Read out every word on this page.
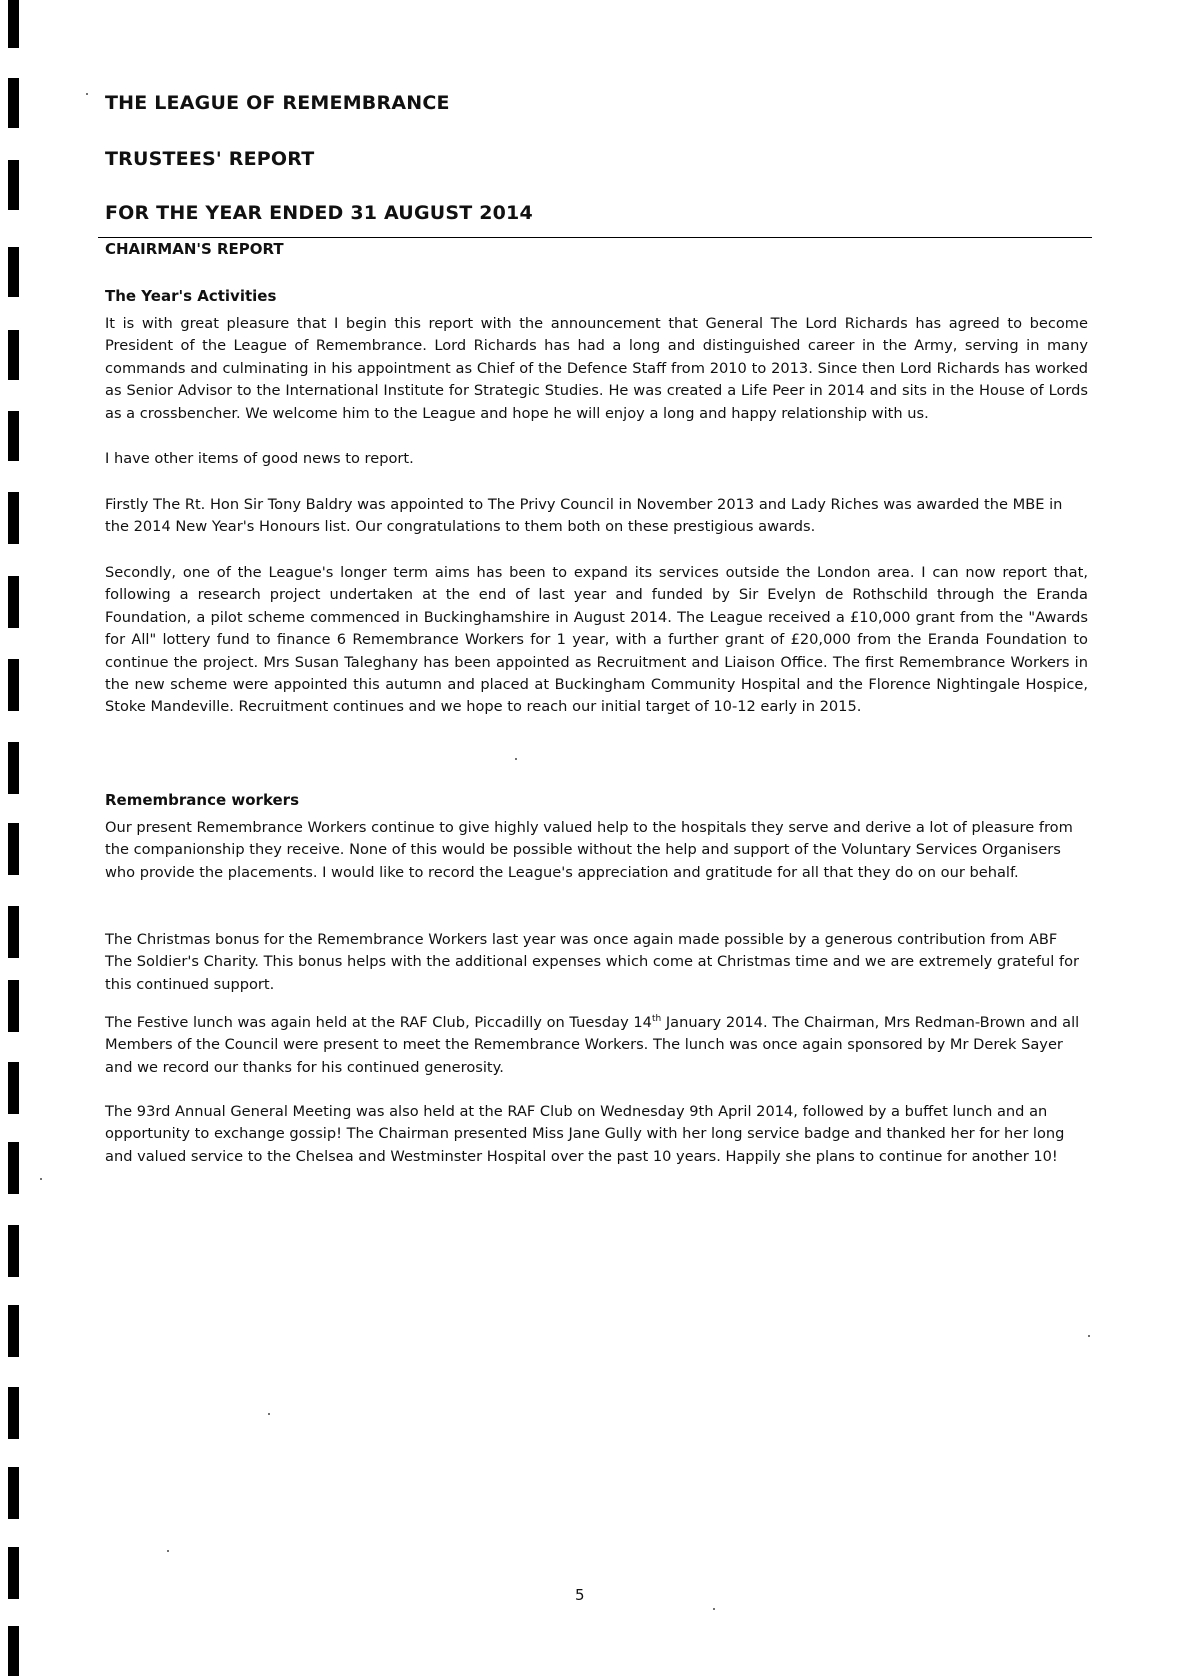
THE LEAGUE OF REMEMBRANCE
TRUSTEES' REPORT
FOR THE YEAR ENDED 31 AUGUST 2014
CHAIRMAN'S REPORT
The Year's Activities

It is with great pleasure that I begin this report with the announcement that General The Lord Richards has agreed to become President of the League of Remembrance. Lord Richards has had a long and distinguished career in the Army, serving in many commands and culminating in his appointment as Chief of the Defence Staff from 2010 to 2013. Since then Lord Richards has worked as Senior Advisor to the International Institute for Strategic Studies. He was created a Life Peer in 2014 and sits in the House of Lords as a crossbencher. We welcome him to the League and hope he will enjoy a long and happy relationship with us.

I have other items of good news to report.

Firstly The Rt. Hon Sir Tony Baldry was appointed to The Privy Council in November 2013 and Lady Riches was awarded the MBE in the 2014 New Year's Honours list. Our congratulations to them both on these prestigious awards.

Secondly, one of the League's longer term aims has been to expand its services outside the London area. I can now report that, following a research project undertaken at the end of last year and funded by Sir Evelyn de Rothschild through the Eranda Foundation, a pilot scheme commenced in Buckinghamshire in August 2014. The League received a £10,000 grant from the "Awards for All" lottery fund to finance 6 Remembrance Workers for 1 year, with a further grant of £20,000 from the Eranda Foundation to continue the project. Mrs Susan Taleghany has been appointed as Recruitment and Liaison Office. The first Remembrance Workers in the new scheme were appointed this autumn and placed at Buckingham Community Hospital and the Florence Nightingale Hospice, Stoke Mandeville. Recruitment continues and we hope to reach our initial target of 10-12 early in 2015.

Remembrance workers

Our present Remembrance Workers continue to give highly valued help to the hospitals they serve and derive a lot of pleasure from the companionship they receive. None of this would be possible without the help and support of the Voluntary Services Organisers who provide the placements. I would like to record the League's appreciation and gratitude for all that they do on our behalf.

The Christmas bonus for the Remembrance Workers last year was once again made possible by a generous contribution from ABF The Soldier's Charity. This bonus helps with the additional expenses which come at Christmas time and we are extremely grateful for this continued support.

The Festive lunch was again held at the RAF Club, Piccadilly on Tuesday 14th January 2014. The Chairman, Mrs Redman-Brown and all Members of the Council were present to meet the Remembrance Workers. The lunch was once again sponsored by Mr Derek Sayer and we record our thanks for his continued generosity.

The 93rd Annual General Meeting was also held at the RAF Club on Wednesday 9th April 2014, followed by a buffet lunch and an opportunity to exchange gossip! The Chairman presented Miss Jane Gully with her long service badge and thanked her for her long and valued service to the Chelsea and Westminster Hospital over the past 10 years. Happily she plans to continue for another 10!

5
